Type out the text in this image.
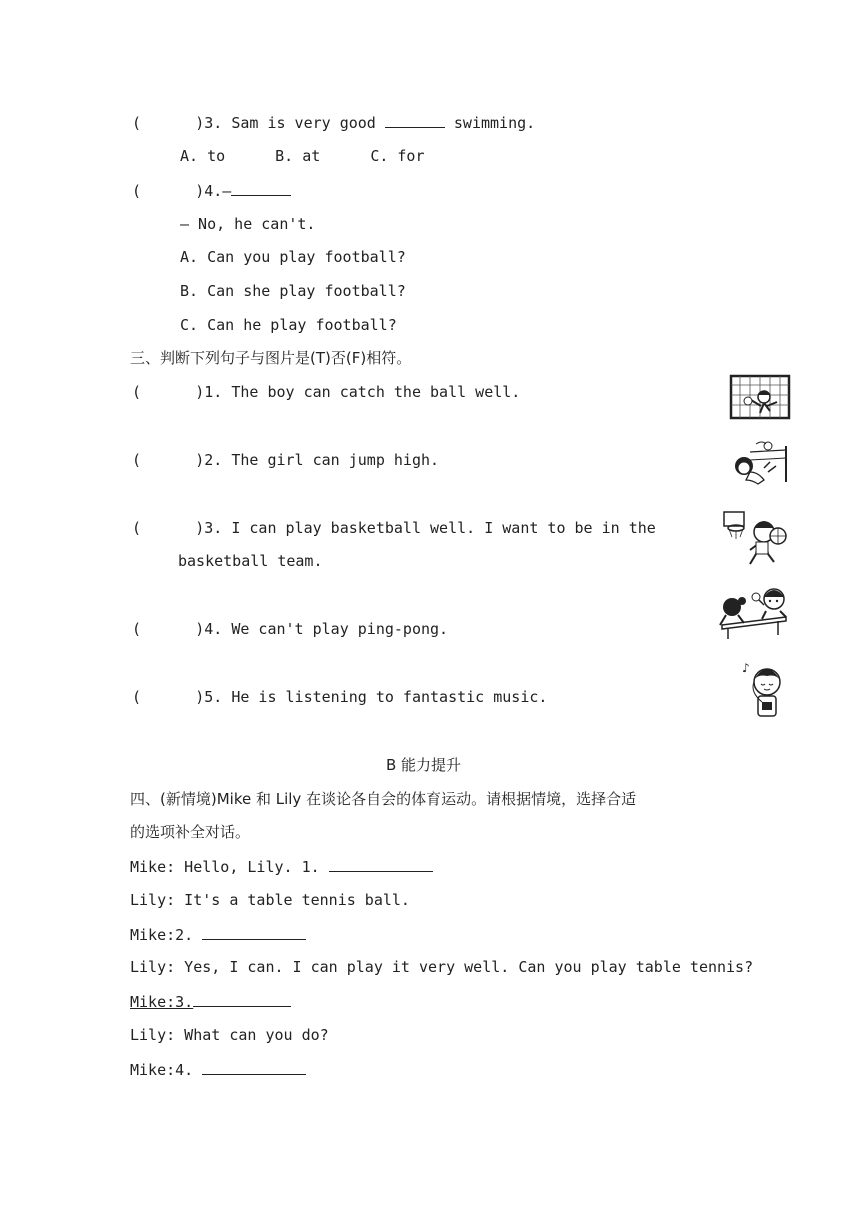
(      )3. Sam is very good	swimming.
A. to	B. at	C. for
(      )4.—
— No, he can't.
A. Can you play football?
B. Can she play football?
C. Can he play football?
三、判断下列句子与图片是(T)否(F)相符。
(      )1. The boy can catch the ball well.
(      )2. The girl can jump high.
(      )3. I can play basketball well. I want to be in the
basketball team.
(      )4. We can't play ping-pong.
(      )5. He is listening to fantastic music.
♪
B 能力提升
四、(新情境)Mike 和 Lily 在谈论各自会的体育运动。请根据情境，选择合适
的选项补全对话。
Mike: Hello, Lily. 1.
Lily: It's a table tennis ball.
Mike:2.
Lily: Yes, I can. I can play it very well. Can you play table tennis?
Mike:3.
Lily: What can you do?
Mike:4.
